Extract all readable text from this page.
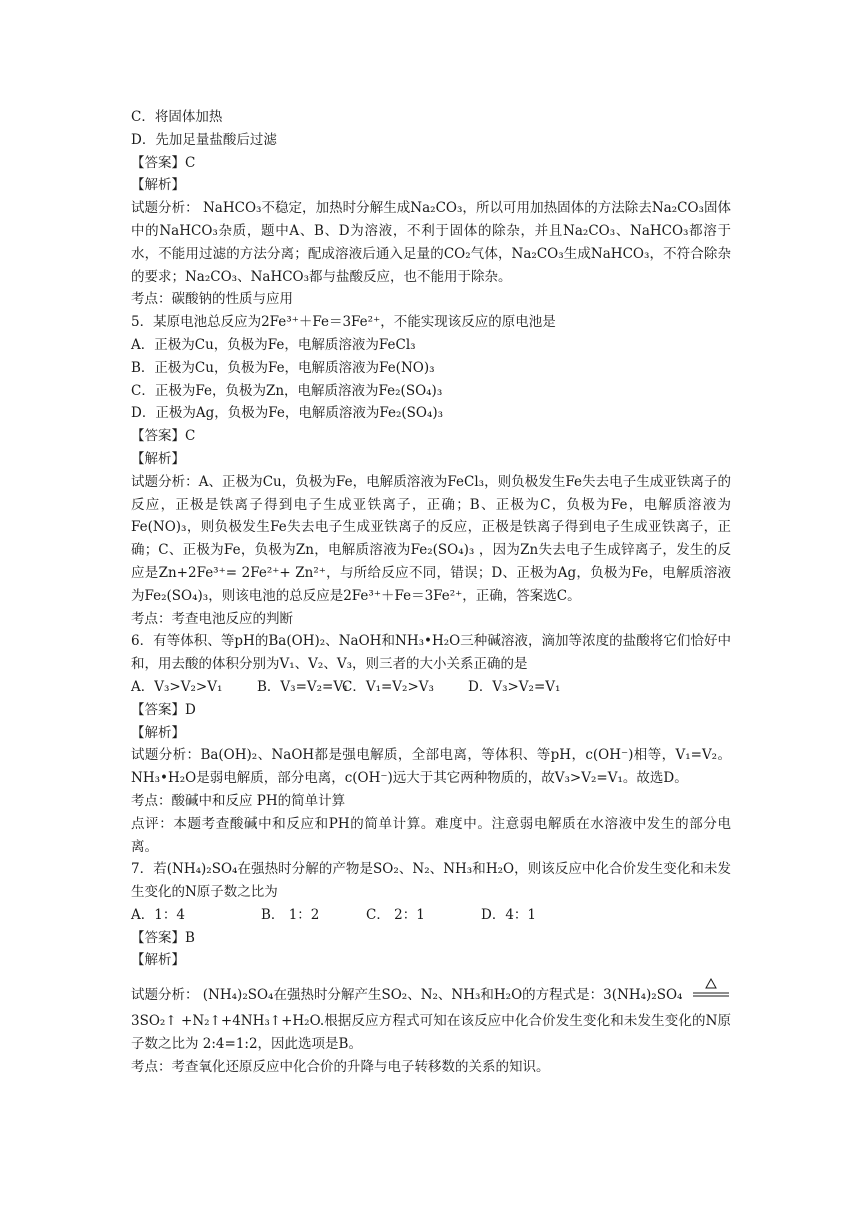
C．将固体加热
D．先加足量盐酸后过滤
【答案】C
【解析】
试题分析： NaHCO₃不稳定，加热时分解生成Na₂CO₃，所以可用加热固体的方法除去Na₂CO₃固体中的NaHCO₃杂质，题中A、B、D为溶液，不利于固体的除杂，并且Na₂CO₃、NaHCO₃都溶于水，不能用过滤的方法分离；配成溶液后通入足量的CO₂气体，Na₂CO₃生成NaHCO₃，不符合除杂的要求；Na₂CO₃、NaHCO₃都与盐酸反应，也不能用于除杂。
考点：碳酸钠的性质与应用
5．某原电池总反应为2Fe³⁺＋Fe＝3Fe²⁺，不能实现该反应的原电池是
A．正极为Cu，负极为Fe，电解质溶液为FeCl₃
B．正极为Cu，负极为Fe，电解质溶液为Fe(NO)₃
C．正极为Fe，负极为Zn，电解质溶液为Fe₂(SO₄)₃
D．正极为Ag，负极为Fe，电解质溶液为Fe₂(SO₄)₃
【答案】C
【解析】
试题分析：A、正极为Cu，负极为Fe，电解质溶液为FeCl₃，则负极发生Fe失去电子生成亚铁离子的反应，正极是铁离子得到电子生成亚铁离子，正确；B、正极为C，负极为Fe，电解质溶液为Fe(NO)₃，则负极发生Fe失去电子生成亚铁离子的反应，正极是铁离子得到电子生成亚铁离子，正确；C、正极为Fe，负极为Zn，电解质溶液为Fe₂(SO₄)₃ ，因为Zn失去电子生成锌离子，发生的反应是Zn+2Fe³⁺= 2Fe²⁺+ Zn²⁺，与所给反应不同，错误；D、正极为Ag，负极为Fe，电解质溶液为Fe₂(SO₄)₃，则该电池的总反应是2Fe³⁺＋Fe＝3Fe²⁺，正确，答案选C。
考点：考查电池反应的判断
6．有等体积、等pH的Ba(OH)₂、NaOH和NH₃•H₂O三种碱溶液，滴加等浓度的盐酸将它们恰好中和，用去酸的体积分别为V₁、V₂、V₃，则三者的大小关系正确的是
A．V₃>V₂>V₁	B．V₃=V₂=V₁
C．V₁=V₂>V₃	D．V₃>V₂=V₁
【答案】D
【解析】
试题分析：Ba(OH)₂、NaOH都是强电解质，全部电离，等体积、等pH，c(OH⁻)相等，V₁=V₂。NH₃•H₂O是弱电解质，部分电离，c(OH⁻)远大于其它两种物质的，故V₃>V₂=V₁。故选D。
考点：酸碱中和反应 PH的简单计算
点评：本题考查酸碱中和反应和PH的简单计算。难度中。注意弱电解质在水溶液中发生的部分电离。
7．若(NH₄)₂SO₄在强热时分解的产物是SO₂、N₂、NH₃和H₂O，则该反应中化合价发生变化和未发生变化的N原子数之比为
A．1：4	B． 1：2	C． 2：1	D．4：1
【答案】B
【解析】
试题分析： (NH₄)₂SO₄在强热时分解产生SO₂、N₂、NH₃和H₂O的方程式是：3(NH₄)₂SO₄
3SO₂↑ +N₂↑+4NH₃↑+H₂O.根据反应方程式可知在该反应中化合价发生变化和未发生变化的N原子数之比为 2:4=1:2，因此选项是B。
考点：考查氧化还原反应中化合价的升降与电子转移数的关系的知识。
